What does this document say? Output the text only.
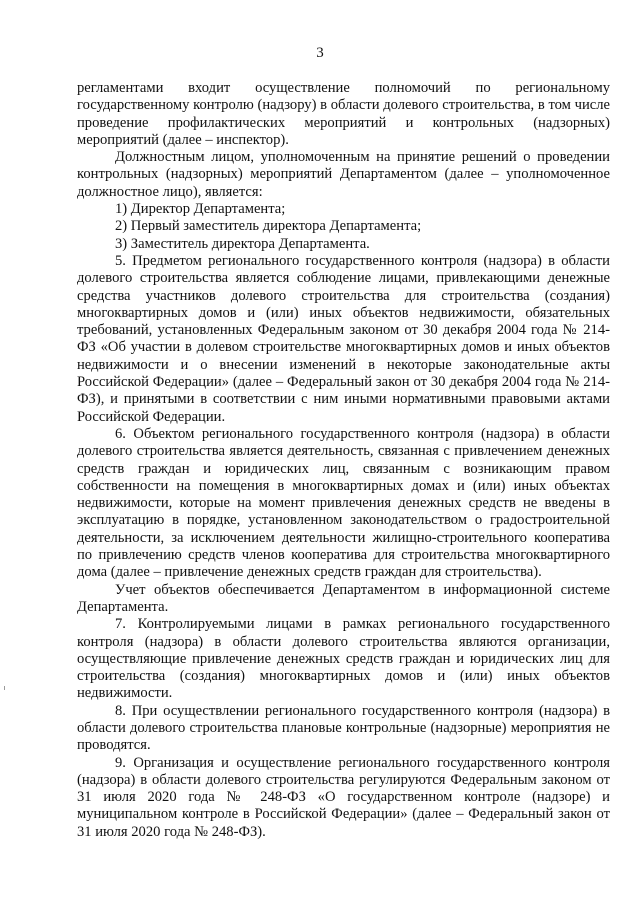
3

регламентами входит осуществление полномочий по региональному государственному контролю (надзору) в области долевого строительства, в том числе проведение профилактических мероприятий и контрольных (надзорных) мероприятий (далее – инспектор).

Должностным лицом, уполномоченным на принятие решений о проведении контрольных (надзорных) мероприятий Департаментом (далее – уполномоченное должностное лицо), является:

1) Директор Департамента;

2) Первый заместитель директора Департамента;

3) Заместитель директора Департамента.

5. Предметом регионального государственного контроля (надзора) в области долевого строительства является соблюдение лицами, привлекающими денежные средства участников долевого строительства для строительства (создания) многоквартирных домов и (или) иных объектов недвижимости, обязательных требований, установленных Федеральным законом от 30 декабря 2004 года № 214-ФЗ «Об участии в долевом строительстве многоквартирных домов и иных объектов недвижимости и о внесении изменений в некоторые законодательные акты Российской Федерации» (далее – Федеральный закон от 30 декабря 2004 года № 214-ФЗ), и принятыми в соответствии с ним иными нормативными правовыми актами Российской Федерации.

6. Объектом регионального государственного контроля (надзора) в области долевого строительства является деятельность, связанная с привлечением денежных средств граждан и юридических лиц, связанным с возникающим правом собственности на помещения в многоквартирных домах и (или) иных объектах недвижимости, которые на момент привлечения денежных средств не введены в эксплуатацию в порядке, установленном законодательством о градостроительной деятельности, за исключением деятельности жилищно-строительного кооператива по привлечению средств членов кооператива для строительства многоквартирного дома (далее – привлечение денежных средств граждан для строительства).

Учет объектов обеспечивается Департаментом в информационной системе Департамента.

7. Контролируемыми лицами в рамках регионального государственного контроля (надзора) в области долевого строительства являются организации, осуществляющие привлечение денежных средств граждан и юридических лиц для строительства (создания) многоквартирных домов и (или) иных объектов недвижимости.

8. При осуществлении регионального государственного контроля (надзора) в области долевого строительства плановые контрольные (надзорные) мероприятия не проводятся.

9. Организация и осуществление регионального государственного контроля (надзора) в области долевого строительства регулируются Федеральным законом от 31 июля 2020 года № 248-ФЗ «О государственном контроле (надзоре) и муниципальном контроле в Российской Федерации» (далее – Федеральный закон от 31 июля 2020 года № 248-ФЗ).
